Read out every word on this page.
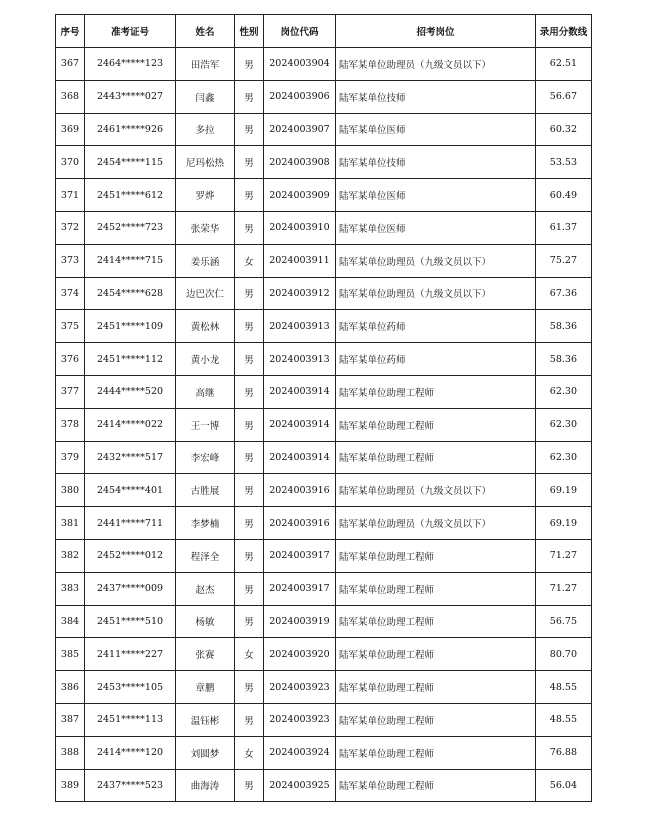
序号	准考证号	姓名	性别	岗位代码	招考岗位	录用分数线
367	2464*****123	田浩军	男	2024003904	陆军某单位助理员（九级文员以下）	62.51
368	2443*****027	闫鑫	男	2024003906	陆军某单位技师	56.67
369	2461*****926	多拉	男	2024003907	陆军某单位医师	60.32
370	2454*****115	尼玛松热	男	2024003908	陆军某单位技师	53.53
371	2451*****612	罗烨	男	2024003909	陆军某单位医师	60.49
372	2452*****723	张荣华	男	2024003910	陆军某单位医师	61.37
373	2414*****715	姜乐涵	女	2024003911	陆军某单位助理员（九级文员以下）	75.27
374	2454*****628	边巴次仁	男	2024003912	陆军某单位助理员（九级文员以下）	67.36
375	2451*****109	黄松林	男	2024003913	陆军某单位药师	58.36
376	2451*****112	黄小龙	男	2024003913	陆军某单位药师	58.36
377	2444*****520	高继	男	2024003914	陆军某单位助理工程师	62.30
378	2414*****022	王一博	男	2024003914	陆军某单位助理工程师	62.30
379	2432*****517	李宏峰	男	2024003914	陆军某单位助理工程师	62.30
380	2454*****401	古胜展	男	2024003916	陆军某单位助理员（九级文员以下）	69.19
381	2441*****711	李梦楠	男	2024003916	陆军某单位助理员（九级文员以下）	69.19
382	2452*****012	程泽全	男	2024003917	陆军某单位助理工程师	71.27
383	2437*****009	赵杰	男	2024003917	陆军某单位助理工程师	71.27
384	2451*****510	杨敏	男	2024003919	陆军某单位助理工程师	56.75
385	2411*****227	张赛	女	2024003920	陆军某单位助理工程师	80.70
386	2453*****105	章鹏	男	2024003923	陆军某单位助理工程师	48.55
387	2451*****113	温钰彬	男	2024003923	陆军某单位助理工程师	48.55
388	2414*****120	刘圆梦	女	2024003924	陆军某单位助理工程师	76.88
389	2437*****523	曲海涛	男	2024003925	陆军某单位助理工程师	56.04
